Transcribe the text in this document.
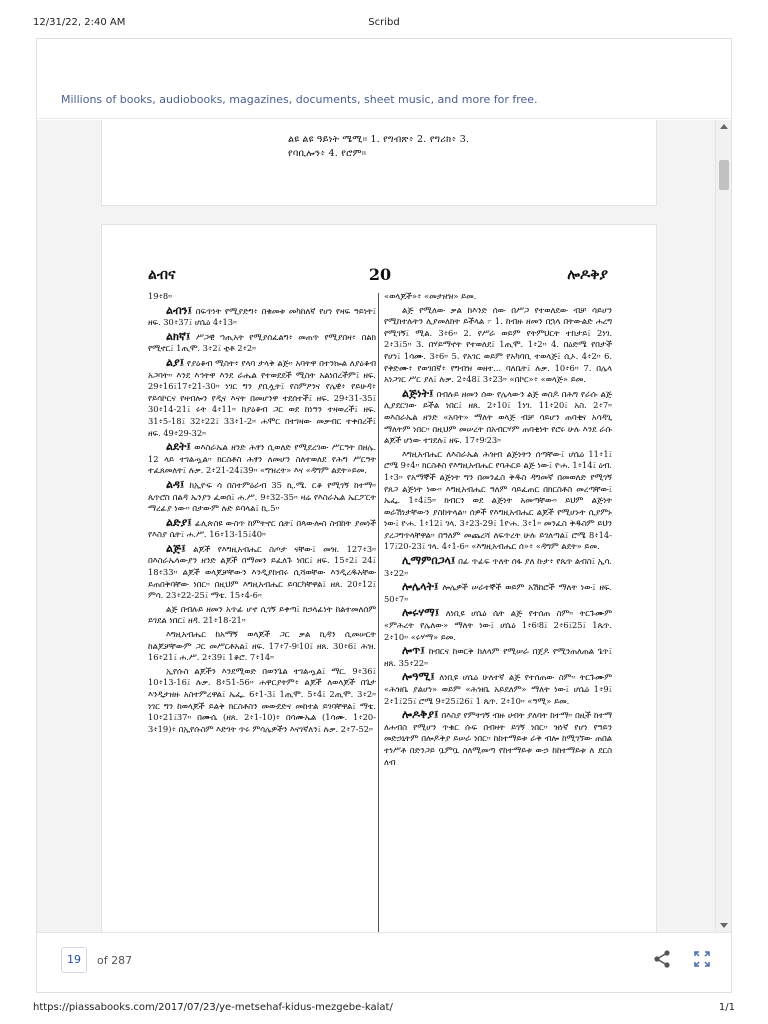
12/31/22, 2:40 AM	Scribd
Millions of books, audiobooks, magazines, documents, sheet music, and more for free.
ልዩ ልዩ ዓይነት ሜሚ። 1. የግብጽ፥ 2. የግሪክ፥ 3.
የባቢሎን፥ 4. የሮም።
ልብና	20	ሎዶቅያ

19፥8።

ልብን፤ በፍጥነት የሚያድግ፥ በቁመቱ መካከለኛ የሆነ የዛፍ ዓይነት፤ ዘፍ. 30፥37፤ ሆሴዕ 4፥13።

ልክኛ፤ ሥጋዊ ኀጢአት የሚያሰፈልግ፥ መጠጥ የሚያበዛ፥ በልክ የሚኖር፤ 1ጢሞ. 3፥2፤ ቲቶ 2፥2።

ልያ፤ የያዕቆብ ሚስት፥ የላባ ታላቅ ልጅ። አባትዋ በተንኰል ለያዕቆብ አጋባት። እንደ እኅትዋ እንደ ራሔል የተወደደች ሚስት አልነበረችም፤ ዘፍ. 29፥16፤17፥21-30። ነገር ግን ያቢሏት፤ የስምዖንና የሌዊ፥ የይሁዳ፥ የይሳኮርና የዛብሎን የዲና እናት በመሆንዋ ተደሰተች፤ ዘፍ. 29፥31-35፤ 30፥14-21፤ ሩት 4፥11። ከያዕቆብ ጋር ወደ ከነዓን ተዛወረች፤ ዘፍ. 31፥5-18፤ 32፥22፤ 33፥1-2። ሐሞር በተገዛው መቃብር ተቀበረች፤ ዘፍ. 49፥29-32።

ልደት፤ ወእስራኤል ዘንድ ሕፃን ሲወለድ የሚደረገው ሥርዓት በዘሌ. 12 ላይ ተገልጧል። ክርስቶስ ሕፃን ለመሆን ስለተወለደ የሕግ ሥርዓት ተፈጸመለት፤ ሉቃ. 2፥21-24፤39። «ግዝረት» እና «ዳግም ልደት»ይመ.

ልዳ፤ ከኢዮፍ ሳ በስተምዕራብ 35 ኪ.ሜ. ርቆ የሚገኝ ከተማ። ጴጥሮስ በልዳ ኤንያን ፈወሰ፤ ሐ.ሥ. 9፥32-35። ዛሬ የእስራኤል ኤርፖርት ማረፊያ ነው። በታውም ሉድ ይባላል፤ ኪ.5።

ልድያ፤ ፊሊጵስዩ ውስጥ ከምትኖር ሴት፤ በጳውሎስ ስብከት ያመነች የእስያ ሴት፤ ሐ.ሥ. 16፥13-15፤40።

ልጅ፤ ልጆች የእግዚአብሔር ስጦታ ናቸው፤ መዝ. 127፥3። በእስራኤላውያን ዘንድ ልጆች በማመን ይፈለጉ ነበር፤ ዘፍ. 15፥2፤ 24፤ 18፥33። ልጆች ወላጆቻቸውን እንዲያከብሩ ሲሻወቸው እንዲረዱአቸው ይጠበቅባቸው ነበር። በዚህም እግዚአብሔር ይባርካቸዋል፤ ዘጸ. 20፥12፤ ምሳ. 23፥22-25፤ ማቴ. 15፥4-6።

ልጅ በብሉይ ዘመን አጥፊ ሆኖ ሲገኝ ይቀጣ፤ ከኃላፊነት ከልተመለሰም ይገደል ነበር፤ ዘዳ. 21፥18-21።

እግዚአብሔር ከአማኝ ወላጆች ጋር ቃል ኪዳን ሲመሠርት ከልጆቻቸውም ጋር መሥርቶአል፤ ዘፍ. 17፥7-9፡10፤ ዘጸ. 30፥6፤ ሕዝ. 16፥21፤ ሐ.ሥ. 2፥39፤ 1ቆሮ. 7፥14።

ኢየሱስ ልጆችን እንደሚወድ በወንጌል ተገልጧል፤ ማር. 9፥36፤ 10፥13-16፤ ሉቃ. 8፥51-56። ሐዋርያትም፥ ልጆች ለወላጆች በጌታ እንዲታዘዙ አስተምረዋል፤ ኤፌ. 6፥1-3፤ 1ጢሞ. 5፥4፤ 2ጢሞ. 3፥2። ነገር ግን ከወላጆች ይልቅ ክርስቶስን መውደድና መከተል ይገባቸዋል፤ ማቴ. 10፥21፤37። በሙሴ (ዘጸ. 2፥1-10)፥ በሳሙኤል (1ሳሙ. 1፥20-3፥19)፥ በኢየሱስም እድገት ጥሩ ምሳሌዎችን እናገኛለን፤ ሉቃ. 2፥7-52።

«ወላጆች»፥ «መታዘዝ» ይመ.

ልጅ የሚለው ቃል ከእንድ ሰው በሥጋ የተወለደው ብቻ ሳይሆን የሚከተሉትን ሊያመለክት ይችላል ፦ 1. ከብዙ ዘመን በኋላ በትውልድ ሐረግ የሚገኝ፤ ሚል. 3፥6። 2. የሥራ ወይም የትምህርት ተከታይ፤ 2ነገ. 2፥3፤5። 3. በሃይማኖት የተወለደ፤ 1ጢሞ. 1፥2። 4. በዕድሜ የበታች የሆነ፤ 1ሳሙ. 3፥6። 5. የአገር ወይም የአካባቢ ተወላጅ፤ ሲኦ. 4፥2። 6. የቅድሙ፥ የወገበኛ፥ የግብዝ ወዘተ... ባለቤት፤ ሉቃ. 10፥6። 7. በሌላ አነጋገር ሥር ያለ፤ ሉቃ. 2፥48፤ 3፥23። «በኮር»፥ «ወላጅ» ይመ.

ልጅነት፤ በብሉይ ዘመን ሰው የሌላውን ልጅ ወስዶ በሕግ የራሱ ልጅ ሊያደርገው ይችል ነበር፤ ዘጸ. 2፥10፤ 1ነገ. 11፥20፤ አስ. 2፥7። ወእስራኤል ዘንድ «አባት» ማለት ወላጅ ብቻ ሳይሆን ጠባቂና አሳዳጊ ማለትም ነበር። በዚህም መሠረት በአብርሃም ጠባቂነት የሮሩ ሁሉ እንደ ራሱ ልጆች ሆነው ተገደሉ፤ ዘፍ. 17፥9፡23።

እግዚአብሔር ለእስራኤል ሕዝብ ልጅነትን ሰጣቸው፤ ሆሴዕ 11፥1፤ ሮሜ 9፥4። ክርስቶስ የእግዚአብሔር የባሕርይ ልጅ ነው፤ ዮሐ. 1፥14፤ ዕብ. 1፥3። የአማኞች ልጅነት ግን በመንፈስ ቅዱስ ዳግመኛ በመወለድ የሚገኝ የጸጋ ልጅነት ነው። እግዚአብሔር ዓለም ሳይፈጠር በክርስቶስ መረጣቸው፤ ኤፌ. 1፥4፤5። ክብርን ወደ ልጅነት አመጣቸው። ይህም ልጅነት ወራሽነታቸውን ያስከትላል። ሰዎች የእግዚአብሔር ልጆች የሚሆኑት ሲያምኑ ነው፤ ዮሐ. 1፥12፤ ገላ. 3፥23-29፤ 1ዮሐ. 3፥1። መንፈስ ቅዱስም ይህን ያረጋግጥላቸዋል። በዓለም መጨረሻ ለፍጥረት ሁሉ ይገለጣል፤ ሮሜ 8፥14-17፤20-23፤ ገላ. 4፥1-6። «እግዚአብሔር ሰ»፥ «ዳግም ልደት» ይመ.

ሊማምበጋላ፤ በፊ ጥፊፍ ጥለት ሰፋ ያለ ኩታ፥ የጴጥ ልብስ፤ ኢሳ. 3፥22።

ሎሌላት፤ ሎሌዎች ሠራተኞች ወይም አሽከሮች ማለት ነው፤ ዘፍ. 50፥7።

ሎሩሃማ፤ ለነቢዩ ሆሴዕ ሴት ልጅ የተሰጠ ስም። ትርጉሙም «ምሕረት የሌለው» ማለት ነው፤ ሆሴዕ 1፥6፡8፤ 2፥6፤25፤ 1ጴጥ. 2፥10። «ሩሃማ» ይመ.

ሎጥ፤ ከብርና ከወርቅ ከለላም የሚሠራ በጀዶ የሚንጠለጠል ጌጥ፤ ዘጸ. 35፥22።

ሎዓሚ፤ ለነቢዩ ሆሴዕ ሁለተኛ ልጅ የተሰጠው ስም። ትርጉሙም «ሕዝቤ ያልሆነ» ወይም «ሕዝቤ አይደለም» ማለት ነው፤ ሆሴዕ 1፥9፤ 2፥1፤25፤ ሮሜ 9፥25፤26፤ 1 ጴጥ. 2፥10። «ዓሚ» ይመ.

ሎዶቅያ፤ በእስያ የምትገኝ ብዙ ሀብት ያለባት ከተማ። በዚች ከተማ ለሐብስ የሚሆን ጥቁር ሱፍ በብዛት ይገኝ ነበር። ዝነኛ የሆነ የዓይን መድኃኒትም በሎዶቅያ ይሠራ ነበር። ከከተማይቱ ራቅ ብሎ ከሚገኘው ጠበል ተነሥቶ በድንጋይ ቧምቧ ስለሚመጣ የከተማይቱ ውኃ ከከተማይቱ ለ ደርስ ለብ

19	of 287
https://piassabooks.com/2017/07/23/ye-metsehaf-kidus-mezgebe-kalat/	1/1
